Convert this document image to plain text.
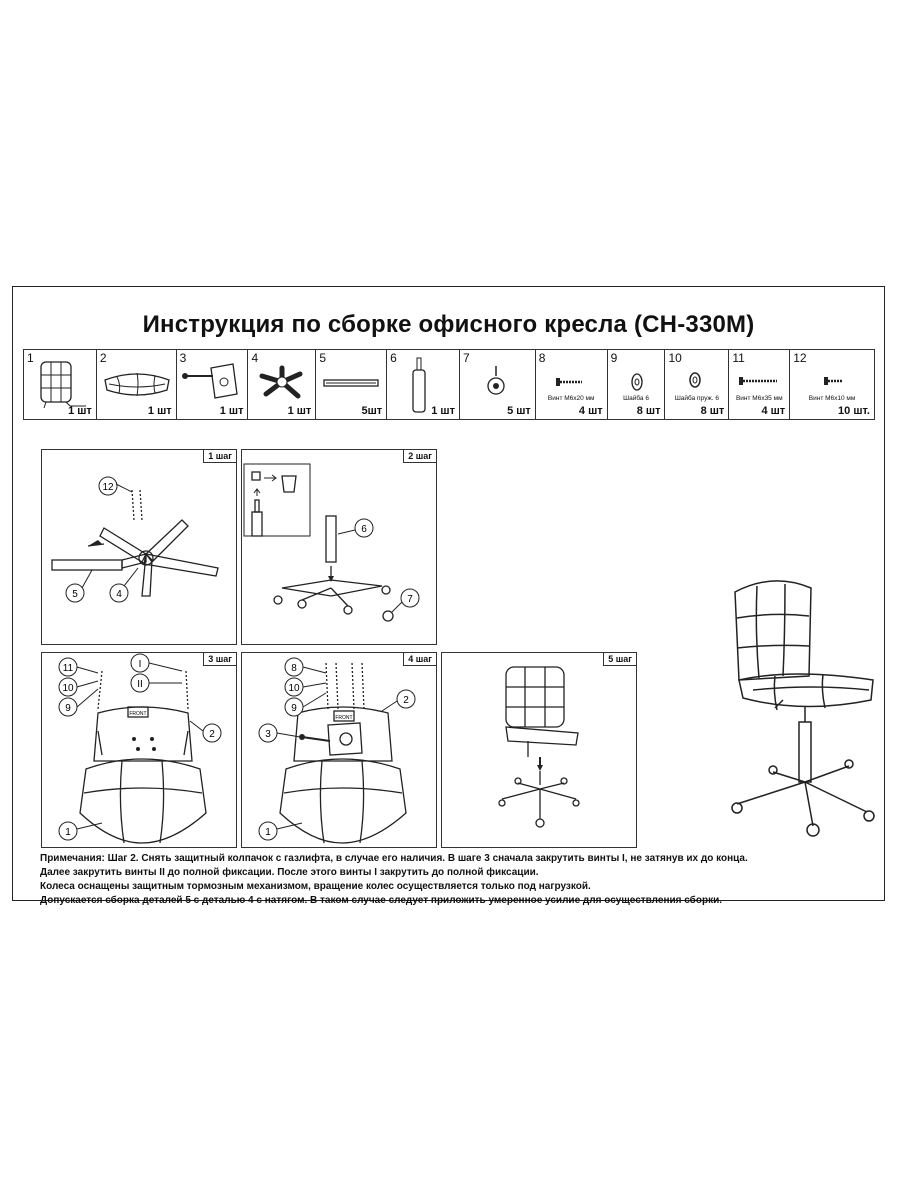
Инструкция по сборке офисного кресла (CH-330M)
1
1 шт
2
1 шт
3
1 шт
4
1 шт
5
5шт
6
1 шт
7
5 шт
8
Винт М6х20 мм
4 шт
9
Шайба 6
8 шт
10
Шайба пруж. 6
8 шт
11
Винт М6х35 мм
4 шт
12
Винт М6х10 мм
10 шт.
1 шаг
12
5	4
2 шаг
6
7
3 шаг
FRONT
11
10
9
I
II
2
1
4 шаг
FRONT
8
10
9
3
2
1
5 шаг
Примечания: Шаг 2. Снять защитный колпачок с газлифта, в случае его наличия. В шаге 3 сначала закрутить винты I, не затянув их до конца.
Далее закрутить винты II до полной фиксации. После этого винты I закрутить до полной фиксации.
Колеса оснащены защитным тормозным механизмом, вращение колес осуществляется только под нагрузкой.
Допускается сборка деталей 5 с деталью 4 с натягом. В таком случае следует приложить умеренное усилие для осуществления сборки.
